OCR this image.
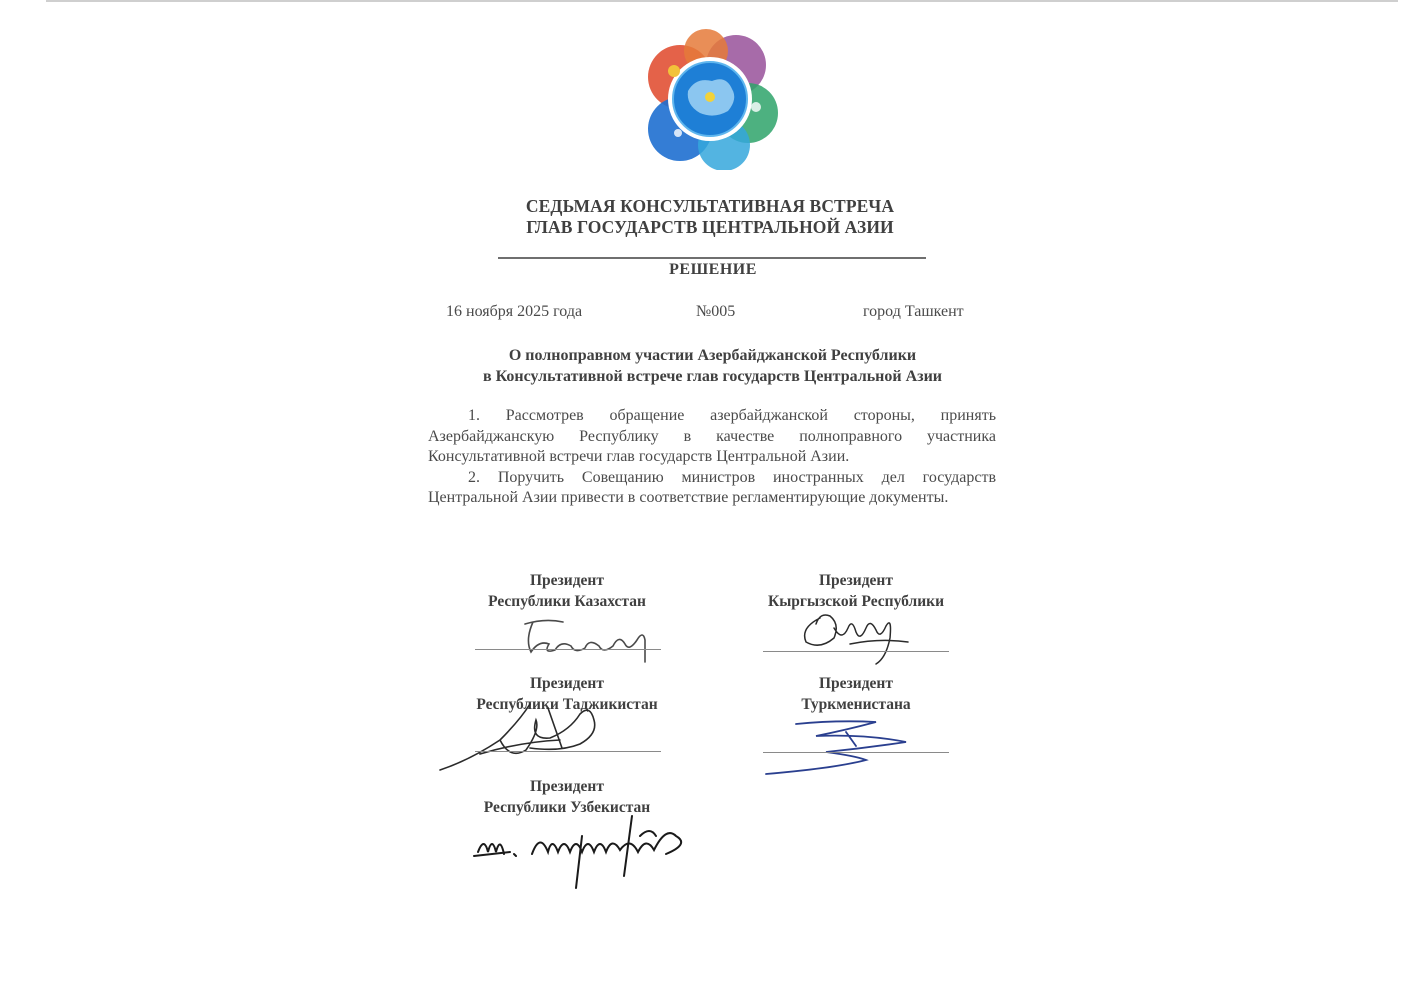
СЕДЬМАЯ КОНСУЛЬТАТИВНАЯ ВСТРЕЧА
ГЛАВ ГОСУДАРСТВ ЦЕНТРАЛЬНОЙ АЗИИ
РЕШЕНИЕ
16 ноября 2025 года	№005	город Ташкент
О полноправном участии Азербайджанской Республики
в Консультативной встрече глав государств Центральной Азии

1. Рассмотрев обращение азербайджанской стороны, принять Азербайджанскую Республику в качестве полноправного участника Консультативной встречи глав государств Центральной Азии.

2. Поручить Совещанию министров иностранных дел государств Центральной Азии привести в соответствие регламентирующие документы.

Президент
Республики Казахстан
Президент
Кыргызской Республики
Президент
Республики Таджикистан
Президент
Туркменистана
Президент
Республики Узбекистан
